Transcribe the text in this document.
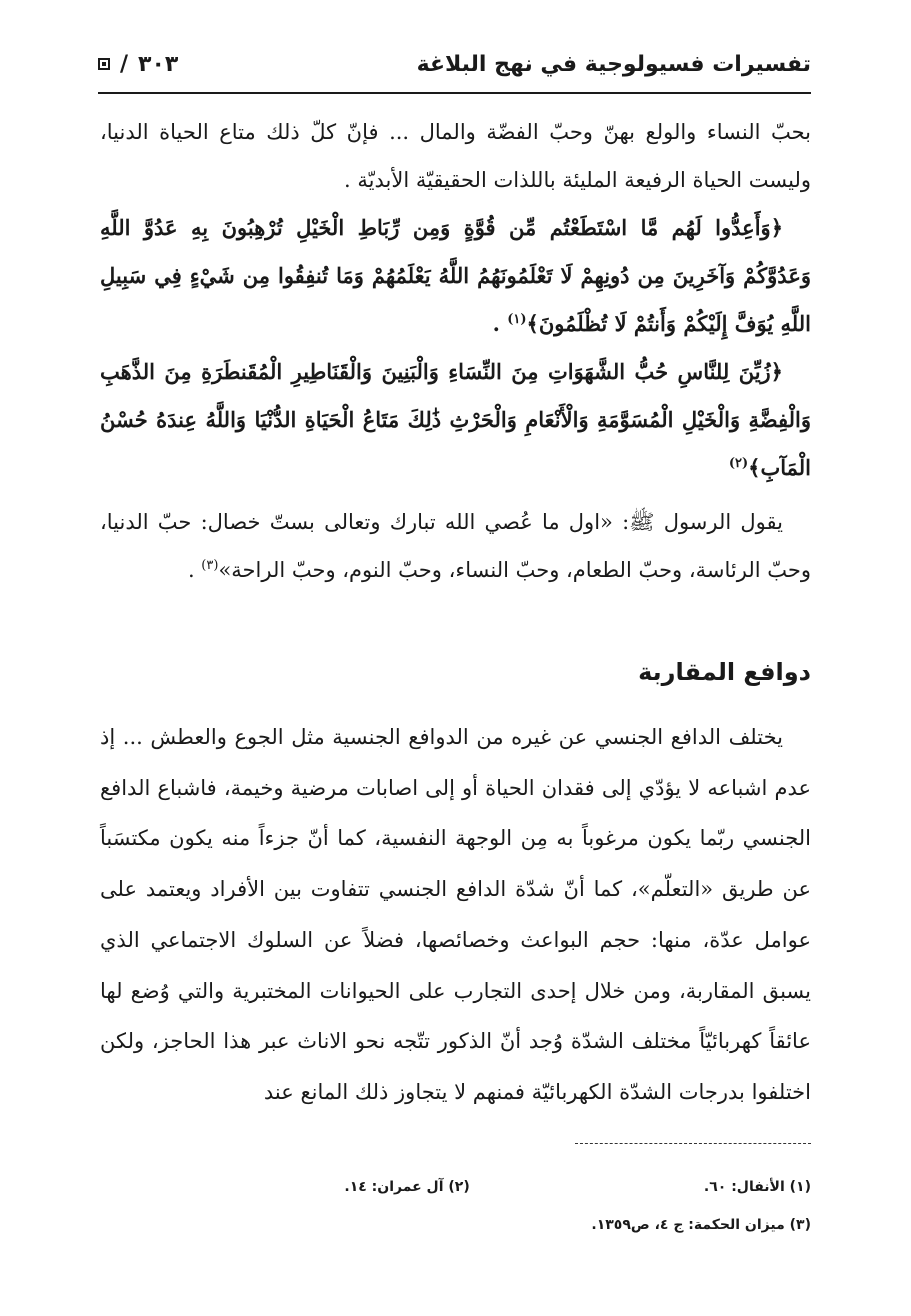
تفسيرات فسيولوجية في نهج البلاغة
/ ٣٠٣

بحبّ النساء والولع بهنّ وحبّ الفضّة والمال ... فإنّ كلّ ذلك متاع الحياة الدنيا، وليست الحياة الرفيعة المليئة باللذات الحقيقيّة الأبديّة .

﴿وَأَعِدُّوا لَهُم مَّا اسْتَطَعْتُم مِّن قُوَّةٍ وَمِن رِّبَاطِ الْخَيْلِ تُرْهِبُونَ بِهِ عَدُوَّ اللَّهِ وَعَدُوَّكُمْ وَآخَرِينَ مِن دُونِهِمْ لَا تَعْلَمُونَهُمُ اللَّهُ يَعْلَمُهُمْ وَمَا تُنفِقُوا مِن شَيْءٍ فِي سَبِيلِ اللَّهِ يُوَفَّ إِلَيْكُمْ وَأَنتُمْ لَا تُظْلَمُونَ﴾$^{(١)}$ .

﴿زُيِّنَ لِلنَّاسِ حُبُّ الشَّهَوَاتِ مِنَ النِّسَاءِ وَالْبَنِينَ وَالْقَنَاطِيرِ الْمُقَنطَرَةِ مِنَ الذَّهَبِ وَالْفِضَّةِ وَالْخَيْلِ الْمُسَوَّمَةِ وَالْأَنْعَامِ وَالْحَرْثِ ذَٰلِكَ مَتَاعُ الْحَيَاةِ الدُّنْيَا وَاللَّهُ عِندَهُ حُسْنُ الْمَآبِ﴾$^{(٢)}$

يقول الرسول ﷺ: «اول ما عُصي الله تبارك وتعالى بستّ خصال: حبّ الدنيا، وحبّ الرئاسة، وحبّ الطعام، وحبّ النساء، وحبّ النوم، وحبّ الراحة»$^{(٣)}$ .

دوافع المقاربة

يختلف الدافع الجنسي عن غيره من الدوافع الجنسية مثل الجوع والعطش ... إذ عدم اشباعه لا يؤدّي إلى فقدان الحياة أو إلى اصابات مرضية وخيمة، فاشباع الدافع الجنسي ربّما يكون مرغوباً به مِن الوجهة النفسية، كما أنّ جزءاً منه يكون مكتسَباً عن طريق «التعلّم»، كما أنّ شدّة الدافع الجنسي تتفاوت بين الأفراد ويعتمد على عوامل عدّة، منها: حجم البواعث وخصائصها، فضلاً عن السلوك الاجتماعي الذي يسبق المقاربة، ومن خلال إحدى التجارب على الحيوانات المختبرية والتي وُضع لها عائقاً كهربائيّاً مختلف الشدّة وُجد أنّ الذكور تتّجه نحو الاناث عبر هذا الحاجز، ولكن اختلفوا بدرجات الشدّة الكهربائيّة فمنهم لا يتجاوز ذلك المانع عند

(١) الأنفال: ٦٠.
(٢) آل عمران: ١٤.
(٣) ميزان الحكمة: ج ٤، ص١٣٥٩.
